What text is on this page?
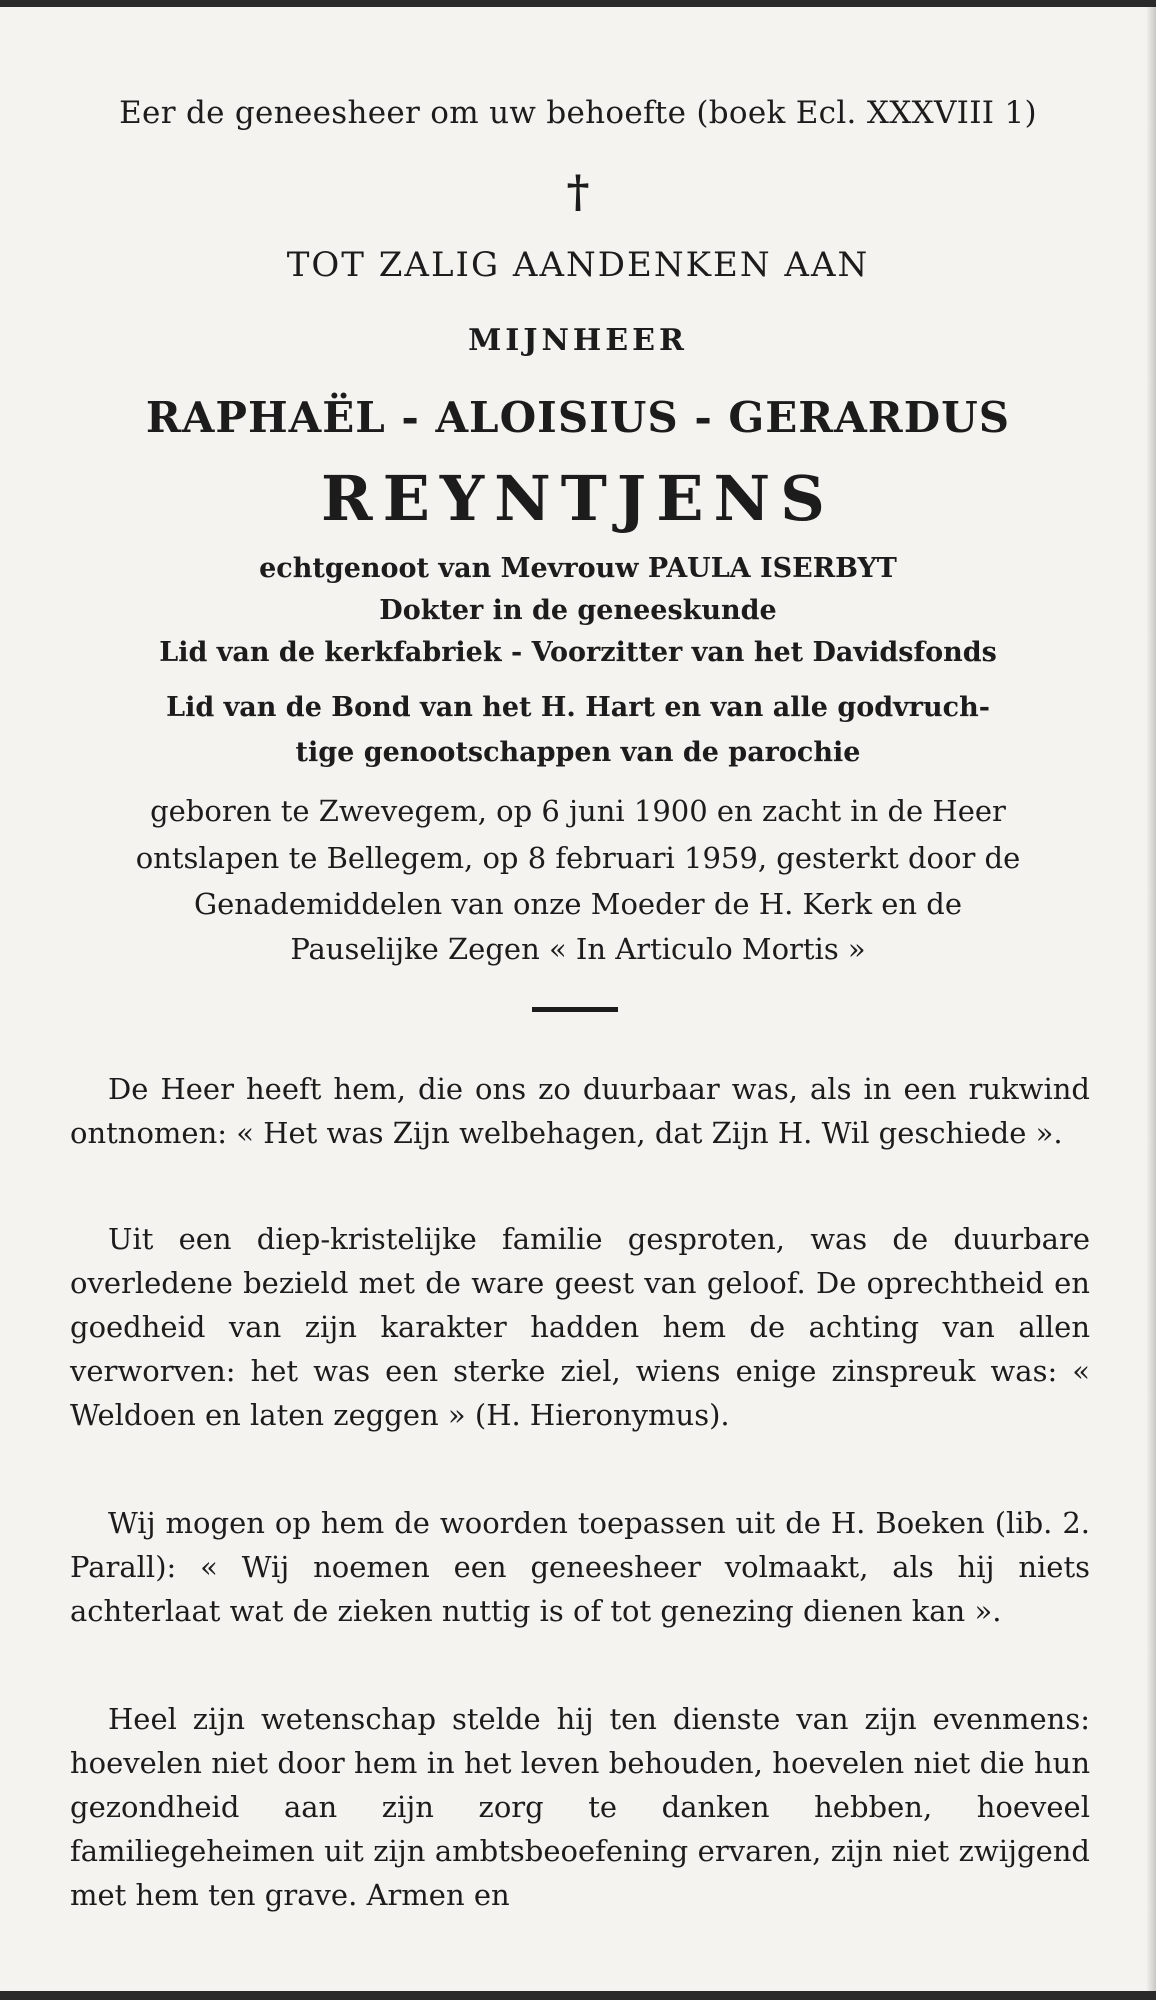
Eer de geneesheer om uw behoefte (boek Ecl. XXXVIII 1)
†
TOT ZALIG AANDENKEN AAN
MIJNHEER
RAPHAËL - ALOISIUS - GERARDUS
REYNTJENS
echtgenoot van Mevrouw PAULA ISERBYT
Dokter in de geneeskunde
Lid van de kerkfabriek - Voorzitter van het Davidsfonds
Lid van de Bond van het H. Hart en van alle godvruch-
tige genootschappen van de parochie
geboren te Zwevegem, op 6 juni 1900 en zacht in de Heer
ontslapen te Bellegem, op 8 februari 1959, gesterkt door de
Genademiddelen van onze Moeder de H. Kerk en de
Pauselijke Zegen « In Articulo Mortis »
De Heer heeft hem, die ons zo duurbaar was, als in een rukwind ontnomen: « Het was Zijn welbehagen, dat Zijn H. Wil geschiede ».
Uit een diep-kristelijke familie gesproten, was de duurbare overledene bezield met de ware geest van geloof. De oprechtheid en goedheid van zijn karakter hadden hem de achting van allen verworven: het was een sterke ziel, wiens enige zinspreuk was: « Weldoen en laten zeggen » (H. Hieronymus).
Wij mogen op hem de woorden toepassen uit de H. Boeken (lib. 2. Parall): « Wij noemen een geneesheer volmaakt, als hij niets achterlaat wat de zieken nuttig is of tot genezing dienen kan ».
Heel zijn wetenschap stelde hij ten dienste van zijn evenmens: hoevelen niet door hem in het leven behouden, hoevelen niet die hun gezondheid aan zijn zorg te danken hebben, hoeveel familiegeheimen uit zijn ambtsbeoefening ervaren, zijn niet zwijgend met hem ten grave. Armen en
